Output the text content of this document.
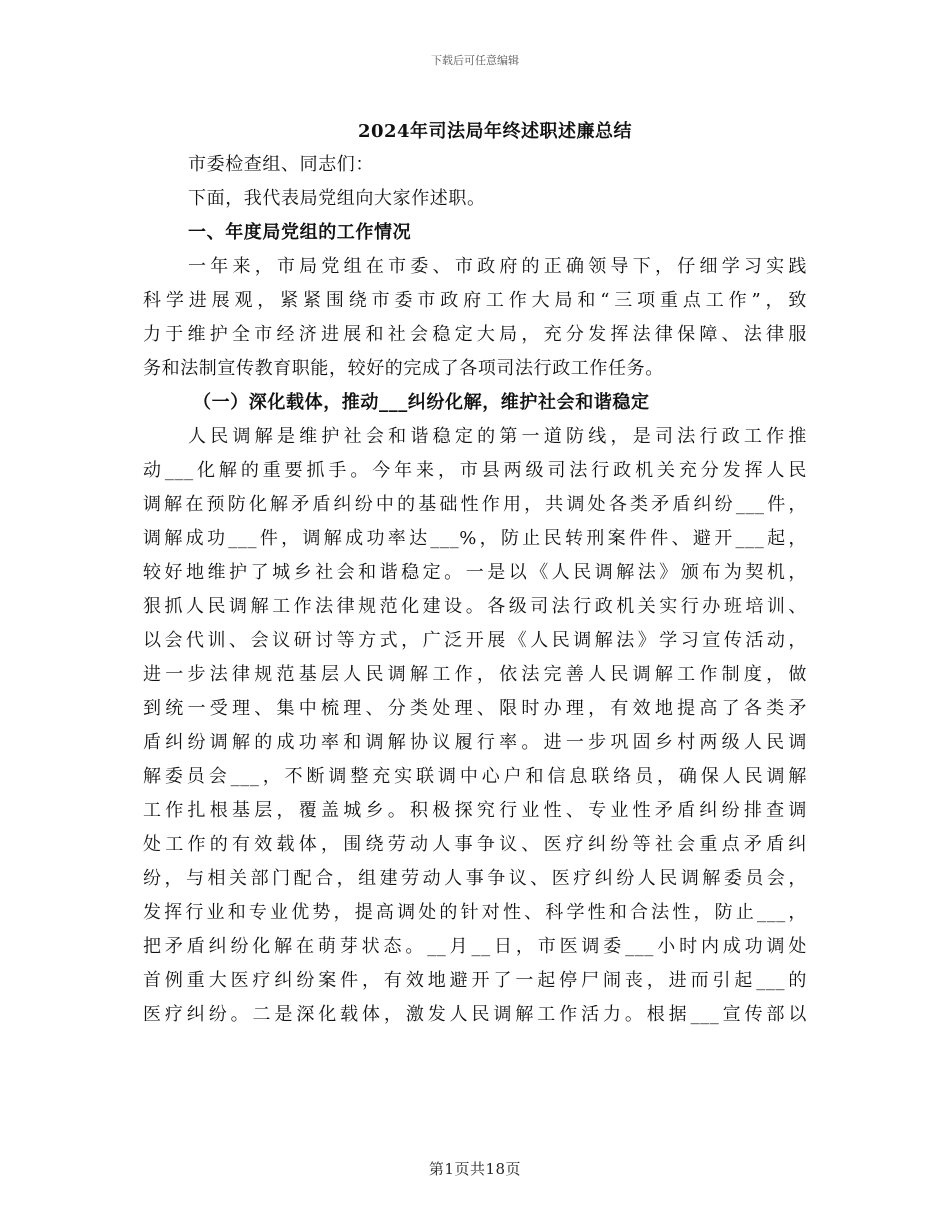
下载后可任意编辑
2024年司法局年终述职述廉总结
市委检查组、同志们：
下面，我代表局党组向大家作述职。
一、年度局党组的工作情况
一年来，市局党组在市委、市政府的正确领导下，仔细学习实践
科学进展观，紧紧围绕市委市政府工作大局和“三项重点工作”，致
力于维护全市经济进展和社会稳定大局，充分发挥法律保障、法律服
务和法制宣传教育职能，较好的完成了各项司法行政工作任务。
（一）深化载体，推动___纠纷化解，维护社会和谐稳定
人民调解是维护社会和谐稳定的第一道防线，是司法行政工作推
动___化解的重要抓手。今年来，市县两级司法行政机关充分发挥人民
调解在预防化解矛盾纠纷中的基础性作用，共调处各类矛盾纠纷___件，
调解成功___件，调解成功率达___%，防止民转刑案件件、避开___起，
较好地维护了城乡社会和谐稳定。一是以《人民调解法》颁布为契机，
狠抓人民调解工作法律规范化建设。各级司法行政机关实行办班培训、
以会代训、会议研讨等方式，广泛开展《人民调解法》学习宣传活动，
进一步法律规范基层人民调解工作，依法完善人民调解工作制度，做
到统一受理、集中梳理、分类处理、限时办理，有效地提高了各类矛
盾纠纷调解的成功率和调解协议履行率。进一步巩固乡村两级人民调
解委员会___，不断调整充实联调中心户和信息联络员，确保人民调解
工作扎根基层，覆盖城乡。积极探究行业性、专业性矛盾纠纷排查调
处工作的有效载体，围绕劳动人事争议、医疗纠纷等社会重点矛盾纠
纷，与相关部门配合，组建劳动人事争议、医疗纠纷人民调解委员会，
发挥行业和专业优势，提高调处的针对性、科学性和合法性，防止___，
把矛盾纠纷化解在萌芽状态。__月__日，市医调委___小时内成功调处
首例重大医疗纠纷案件，有效地避开了一起停尸闹丧，进而引起___的
医疗纠纷。二是深化载体，激发人民调解工作活力。根据___宣传部以
第1页共18页
